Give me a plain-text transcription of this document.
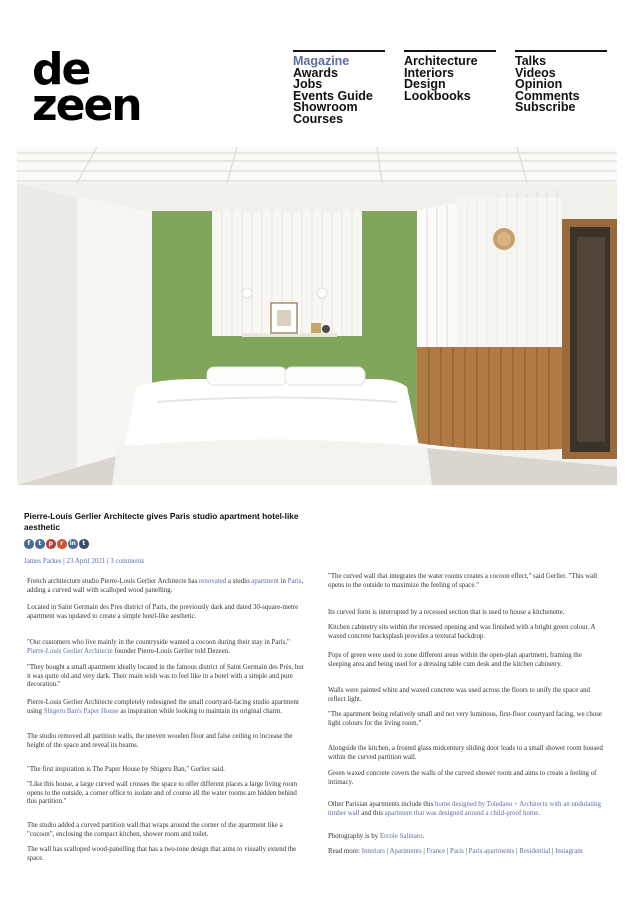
de
zeen
Magazine
Awards
Jobs
Events Guide
Showroom
Courses
Architecture
Interiors
Design
Lookbooks
Talks
Videos
Opinion
Comments
Subscribe
Pierre-Louis Gerlier Architecte gives Paris studio apartment hotel-like aesthetic
f	t	p	r	in	t
James Parkes | 23 April 2021 | 3 comments

French architecture studio Pierre-Louis Gerlier Architecte has renovated a studio apartment in Paris, adding a curved wall with scalloped wood panelling.

Located in Saint Germain des Pres district of Paris, the previously dark and dated 30-square-metre apartment was updated to create a simple hotel-like aesthetic.

"Our customers who live mainly in the countryside wanted a cocoon during their stay in Paris," Pierre-Louis Gerlier Architecte founder Pierre-Louis Gerlier told Dezeen.

"They bought a small apartment ideally located in the famous district of Saint Germain des Près, but it was quite old and very dark. Their main wish was to feel like in a hotel with a simple and pure decoration."

Pierre-Louis Gerlier Architecte completely redesigned the small courtyard-facing studio apartment using Shigeru Ban's Paper House as inspiration while looking to maintain its original charm.

The studio removed all partition walls, the uneven wooden floor and false ceiling to increase the height of the space and reveal its beams.

"The first inspiration is The Paper House by Shigeru Ban," Gerlier said.

"Like this house, a large curved wall crosses the space to offer different places a large living room opens to the outside, a corner office to isolate and of course all the water rooms are hidden behind this partition."

The studio added a curved partition wall that wraps around the corner of the apartment like a "cocoon", enclosing the compact kitchen, shower room and toilet.

The wall has scalloped wood-panelling that has a two-tone design that aims to visually extend the space.

"The curved wall that integrates the water rooms creates a cocoon effect," said Gerlier. "This wall opens to the outside to maximize the feeling of space."

Its curved form is interrupted by a recessed section that is used to house a kitchenette.

Kitchen cabinetry sits within the recessed opening and was finished with a bright green colour. A waxed concrete backsplash provides a textural backdrop.

Pops of green were used to zone different areas within the open-plan apartment, framing the sleeping area and being used for a dressing table cum desk and the kitchen cabinetry.

Walls were painted white and waxed concrete was used across the floors to unify the space and reflect light.

"The apartment being relatively small and not very luminous, first-floor courtyard facing, we chose light colours for the living room."

Alongside the kitchen, a frosted glass midcentury sliding door leads to a small shower room housed within the curved partition wall.

Green waxed concrete covers the walls of the curved shower room and aims to create a feeling of intimacy.

Other Parisian apartments include this home designed by Toledano + Architects with an undulating timber wall and this apartment that was designed around a child-proof home.

Photography is by Ercole Salinaro.

Read more: Interiors | Apartments | France | Paris | Paris apartments | Residential | Instagram
